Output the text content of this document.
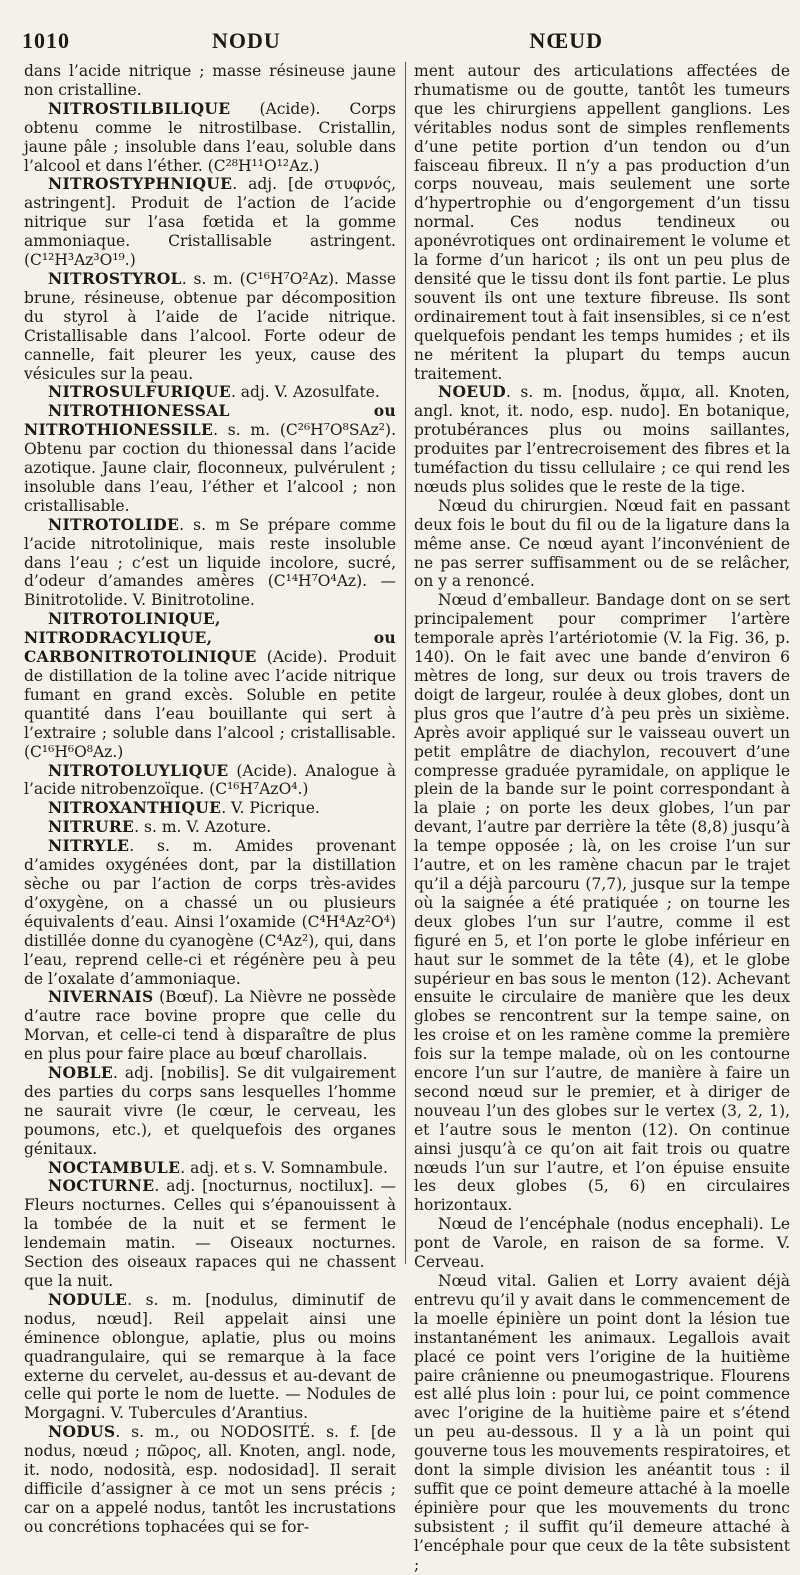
1010	NODU	NŒUD

dans l’acide nitrique ; masse résineuse jaune non cristalline.

NITROSTILBILIQUE (Acide). Corps obtenu comme le nitrostilbase. Cristallin, jaune pâle ; insoluble dans l’eau, soluble dans l’alcool et dans l’éther. (C²⁸H¹¹O¹²Az.)

NITROSTYPHNIQUE. adj. [de στυφνός, astringent]. Produit de l’action de l’acide nitrique sur l’asa fœtida et la gomme ammoniaque. Cristallisable astringent. (C¹²H³Az³O¹⁹.)

NITROSTYROL. s. m. (C¹⁶H⁷O²Az). Masse brune, résineuse, obtenue par décomposition du styrol à l’aide de l’acide nitrique. Cristallisable dans l’alcool. Forte odeur de cannelle, fait pleurer les yeux, cause des vésicules sur la peau.

NITROSULFURIQUE. adj. V. Azosulfate.

NITROTHIONESSAL ou NITROTHIONESSILE. s. m. (C²⁶H⁷O⁸SAz²). Obtenu par coction du thionessal dans l’acide azotique. Jaune clair, floconneux, pulvérulent ; insoluble dans l’eau, l’éther et l’alcool ; non cristallisable.

NITROTOLIDE. s. m Se prépare comme l’acide nitrotolinique, mais reste insoluble dans l’eau ; c’est un liquide incolore, sucré, d’odeur d’amandes amères (C¹⁴H⁷O⁴Az). — Binitrotolide. V. Binitrotoline.

NITROTOLINIQUE, NITRODRACYLIQUE, ou CARBONITROTOLINIQUE (Acide). Produit de distillation de la toline avec l’acide nitrique fumant en grand excès. Soluble en petite quantité dans l’eau bouillante qui sert à l’extraire ; soluble dans l’alcool ; cristallisable. (C¹⁶H⁶O⁸Az.)

NITROTOLUYLIQUE (Acide). Analogue à l’acide nitrobenzoïque. (C¹⁶H⁷AzO⁴.)

NITROXANTHIQUE. V. Picrique.

NITRURE. s. m. V. Azoture.

NITRYLE. s. m. Amides provenant d’amides oxygénées dont, par la distillation sèche ou par l’action de corps très-avides d’oxygène, on a chassé un ou plusieurs équivalents d’eau. Ainsi l’oxamide (C⁴H⁴Az²O⁴) distillée donne du cyanogène (C⁴Az²), qui, dans l’eau, reprend celle-ci et régénère peu à peu de l’oxalate d’ammoniaque.

NIVERNAIS (Bœuf). La Nièvre ne possède d’autre race bovine propre que celle du Morvan, et celle-ci tend à disparaître de plus en plus pour faire place au bœuf charollais.

NOBLE. adj. [nobilis]. Se dit vulgairement des parties du corps sans lesquelles l’homme ne saurait vivre (le cœur, le cerveau, les poumons, etc.), et quelquefois des organes génitaux.

NOCTAMBULE. adj. et s. V. Somnambule.

NOCTURNE. adj. [nocturnus, noctilux]. — Fleurs nocturnes. Celles qui s’épanouissent à la tombée de la nuit et se ferment le lendemain matin. — Oiseaux nocturnes. Section des oiseaux rapaces qui ne chassent que la nuit.

NODULE. s. m. [nodulus, diminutif de nodus, nœud]. Reil appelait ainsi une éminence oblongue, aplatie, plus ou moins quadrangulaire, qui se remarque à la face externe du cervelet, au-dessus et au-devant de celle qui porte le nom de luette. — Nodules de Morgagni. V. Tubercules d’Arantius.

NODUS. s. m., ou NODOSITÉ. s. f. [de nodus, nœud ; πῶρος, all. Knoten, angl. node, it. nodo, nodosità, esp. nodosidad]. Il serait difficile d’assigner à ce mot un sens précis ; car on a appelé nodus, tantôt les incrustations ou concrétions tophacées qui se for-

ment autour des articulations affectées de rhumatisme ou de goutte, tantôt les tumeurs que les chirurgiens appellent ganglions. Les véritables nodus sont de simples renflements d’une petite portion d’un tendon ou d’un faisceau fibreux. Il n’y a pas production d’un corps nouveau, mais seulement une sorte d’hypertrophie ou d’engorgement d’un tissu normal. Ces nodus tendineux ou aponévrotiques ont ordinairement le volume et la forme d’un haricot ; ils ont un peu plus de densité que le tissu dont ils font partie. Le plus souvent ils ont une texture fibreuse. Ils sont ordinairement tout à fait insensibles, si ce n’est quelquefois pendant les temps humides ; et ils ne méritent la plupart du temps aucun traitement.

NOEUD. s. m. [nodus, ἅμμα, all. Knoten, angl. knot, it. nodo, esp. nudo]. En botanique, protubérances plus ou moins saillantes, produites par l’entrecroisement des fibres et la tuméfaction du tissu cellulaire ; ce qui rend les nœuds plus solides que le reste de la tige.

Nœud du chirurgien. Nœud fait en passant deux fois le bout du fil ou de la ligature dans la même anse. Ce nœud ayant l’inconvénient de ne pas serrer suffisamment ou de se relâcher, on y a renoncé.

Nœud d’emballeur. Bandage dont on se sert principalement pour comprimer l’artère temporale après l’artériotomie (V. la Fig. 36, p. 140). On le fait avec une bande d’environ 6 mètres de long, sur deux ou trois travers de doigt de largeur, roulée à deux globes, dont un plus gros que l’autre d’à peu près un sixième. Après avoir appliqué sur le vaisseau ouvert un petit emplâtre de diachylon, recouvert d’une compresse graduée pyramidale, on applique le plein de la bande sur le point correspondant à la plaie ; on porte les deux globes, l’un par devant, l’autre par derrière la tête (8,8) jusqu’à la tempe opposée ; là, on les croise l’un sur l’autre, et on les ramène chacun par le trajet qu’il a déjà parcouru (7,7), jusque sur la tempe où la saignée a été pratiquée ; on tourne les deux globes l’un sur l’autre, comme il est figuré en 5, et l’on porte le globe inférieur en haut sur le sommet de la tête (4), et le globe supérieur en bas sous le menton (12). Achevant ensuite le circulaire de manière que les deux globes se rencontrent sur la tempe saine, on les croise et on les ramène comme la première fois sur la tempe malade, où on les contourne encore l’un sur l’autre, de manière à faire un second nœud sur le premier, et à diriger de nouveau l’un des globes sur le vertex (3, 2, 1), et l’autre sous le menton (12). On continue ainsi jusqu’à ce qu’on ait fait trois ou quatre nœuds l’un sur l’autre, et l’on épuise ensuite les deux globes (5, 6) en circulaires horizontaux.

Nœud de l’encéphale (nodus encephali). Le pont de Varole, en raison de sa forme. V. Cerveau.

Nœud vital. Galien et Lorry avaient déjà entrevu qu’il y avait dans le commencement de la moelle épinière un point dont la lésion tue instantanément les animaux. Legallois avait placé ce point vers l’origine de la huitième paire crânienne ou pneumogastrique. Flourens est allé plus loin : pour lui, ce point commence avec l’origine de la huitième paire et s’étend un peu au-dessous. Il y a là un point qui gouverne tous les mouvements respiratoires, et dont la simple division les anéantit tous : il suffit que ce point demeure attaché à la moelle épinière pour que les mouvements du tronc subsistent ; il suffit qu’il demeure attaché à l’encéphale pour que ceux de la tête subsistent ;
